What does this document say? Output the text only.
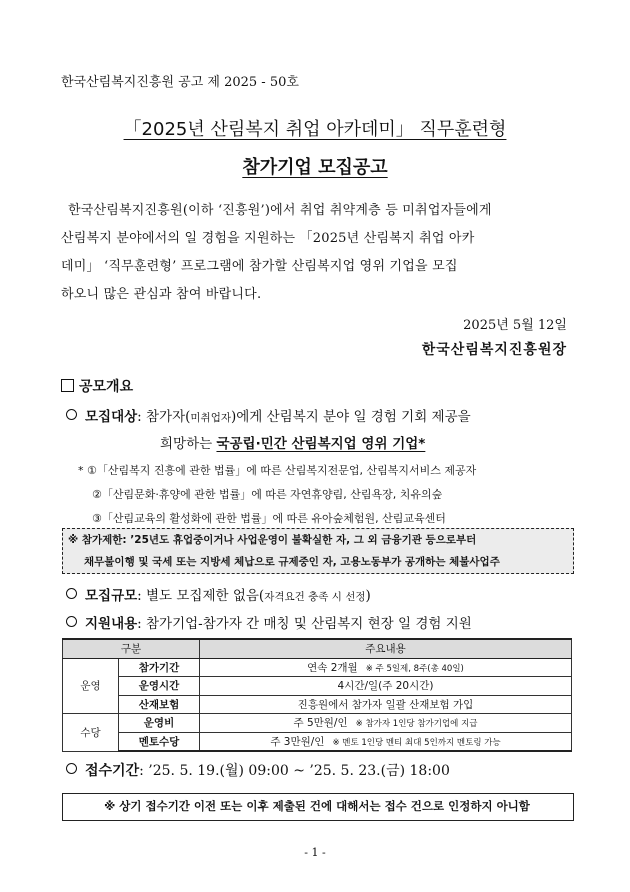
한국산림복지진흥원 공고 제 2025 - 50호
「2025년 산림복지 취업 아카데미」 직무훈련형
참가기업 모집공고
한국산림복지진흥원(이하 ‘진흥원’)에서 취업 취약계층 등 미취업자들에게
산림복지 분야에서의 일 경험을 지원하는 「2025년 산림복지 취업 아카
데미」 ‘직무훈련형’ 프로그램에 참가할 산림복지업 영위 기업을 모집
하오니 많은 관심과 참여 바랍니다.
2025년 5월 12일
한국산림복지진흥원장
공모개요
모집대상: 참가자(미취업자)에게 산림복지 분야 일 경험 기회 제공을
희망하는 국공립·민간 산림복지업 영위 기업*
* ①「산림복지 진흥에 관한 법률」에 따른 산림복지전문업, 산림복지서비스 제공자
②「산림문화·휴양에 관한 법률」에 따른 자연휴양림, 산림욕장, 치유의숲
③「산림교육의 활성화에 관한 법률」에 따른 유아숲체험원, 산림교육센터
※ 참가제한: ’25년도 휴업중이거나 사업운영이 불확실한 자, 그 외 금융기관 등으로부터
채무불이행 및 국세 또는 지방세 체납으로 규제중인 자, 고용노동부가 공개하는 체불사업주
모집규모: 별도 모집제한 없음(자격요건 충족 시 선정)
지원내용: 참가기업-참가자 간 매칭 및 산림복지 현장 일 경험 지원
구분		주요내용
운영	참가기간	연속 2개월 ※ 주 5일제, 8주(총 40일)
	운영시간	4시간/일(주 20시간)
	산재보험	진흥원에서 참가자 일괄 산재보험 가입
수당	운영비	주 5만원/인 ※ 참가자 1인당 참가기업에 지급
	멘토수당	주 3만원/인 ※ 멘토 1인당 멘티 최대 5인까지 멘토링 가능
접수기간: ’25. 5. 19.(월) 09:00 ~ ’25. 5. 23.(금) 18:00
※ 상기 접수기간 이전 또는 이후 제출된 건에 대해서는 접수 건으로 인정하지 아니함
- 1 -
